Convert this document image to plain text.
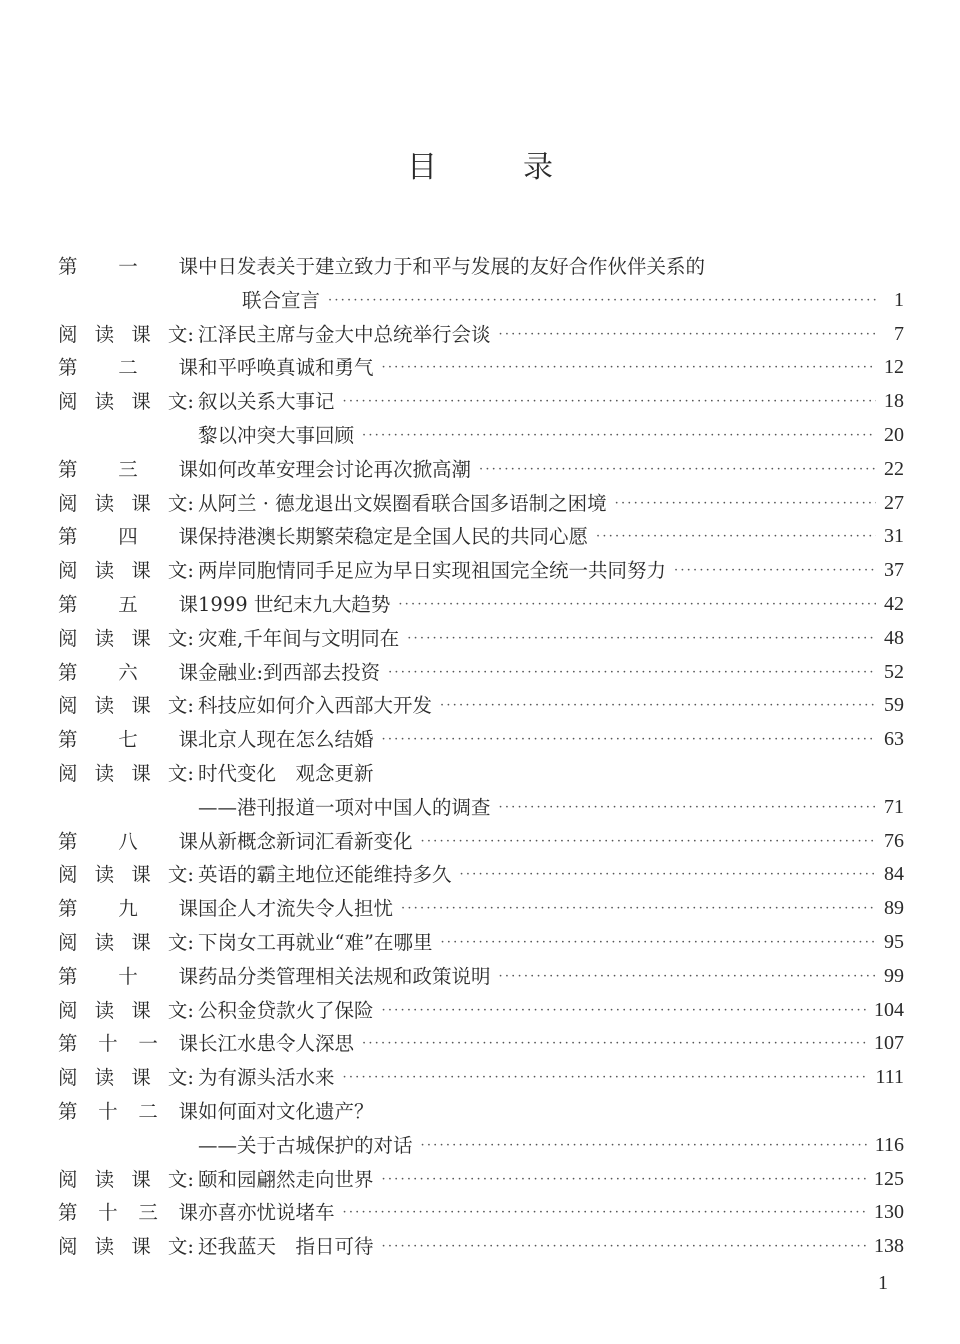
目	录
第 一 课 中日发表关于建立致力于和平与发展的友好合作伙伴关系的
联合宣言 ·····	1
阅 读 课 文: 江泽民主席与金大中总统举行会谈 ·····	7
第 二 课 和平呼唤真诚和勇气 ·····	12
阅 读 课 文: 叙以关系大事记 ·····	18
黎以冲突大事回顾 ·····	20
第 三 课 如何改革安理会讨论再次掀高潮 ·····	22
阅 读 课 文: 从阿兰 · 德龙退出文娱圈看联合国多语制之困境 ·····	27
第 四 课 保持港澳长期繁荣稳定是全国人民的共同心愿 ·····	31
阅 读 课 文: 两岸同胞情同手足应为早日实现祖国完全统一共同努力 ·····	37
第 五 课 1999 世纪末九大趋势 ·····	42
阅 读 课 文: 灾难,千年间与文明同在 ·····	48
第 六 课 金融业:到西部去投资 ·····	52
阅 读 课 文: 科技应如何介入西部大开发 ·····	59
第 七 课 北京人现在怎么结婚 ·····	63
阅 读 课 文: 时代变化　观念更新
——港刊报道一项对中国人的调查 ·····	71
第 八 课 从新概念新词汇看新变化 ·····	76
阅 读 课 文: 英语的霸主地位还能维持多久 ·····	84
第 九 课 国企人才流失令人担忧 ·····	89
阅 读 课 文: 下岗女工再就业“难”在哪里 ·····	95
第 十 课 药品分类管理相关法规和政策说明 ·····	99
阅 读 课 文: 公积金贷款火了保险 ·····	104
第 十 一 课 长江水患令人深思 ·····	107
阅 读 课 文: 为有源头活水来 ·····	111
第 十 二 课 如何面对文化遗产？
——关于古城保护的对话 ·····	116
阅 读 课 文: 颐和园翩然走向世界 ·····	125
第 十 三 课 亦喜亦忧说堵车 ·····	130
阅 读 课 文: 还我蓝天　指日可待 ·····	138
1
